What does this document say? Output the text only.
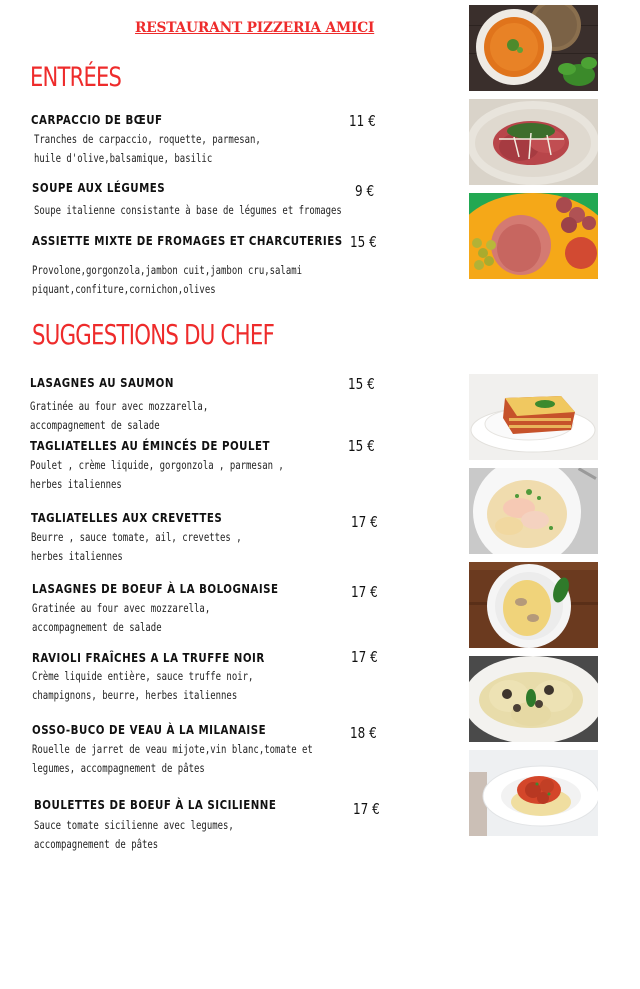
RESTAURANT PIZZERIA AMICI
ENTRÉES
CARPACCIO DE BŒUF	11 €
Tranches de carpaccio, roquette, parmesan,
huile d'olive,balsamique, basilic
SOUPE AUX LÉGUMES	9 €
Soupe italienne consistante à base de légumes et fromages
ASSIETTE MIXTE DE FROMAGES ET CHARCUTERIES 15 €
Provolone,gorgonzola,jambon cuit,jambon cru,salami
piquant,confiture,cornichon,olives
SUGGESTIONS DU CHEF
LASAGNES AU SAUMON	15 €
Gratinée au four avec mozzarella,
accompagnement de salade
TAGLIATELLES AU ÉMINCÉS DE POULET	15 €
Poulet , crème liquide, gorgonzola , parmesan ,
herbes italiennes
TAGLIATELLES AUX CREVETTES	17 €
Beurre , sauce tomate, ail, crevettes ,
herbes italiennes
LASAGNES DE BOEUF À LA BOLOGNAISE	17 €
Gratinée au four avec mozzarella,
accompagnement de salade
RAVIOLI FRAÎCHES A LA TRUFFE NOIR	17 €
Crème liquide entière, sauce truffe noir,
champignons, beurre, herbes italiennes
OSSO-BUCO DE VEAU À LA MILANAISE	18 €
Rouelle de jarret de veau mijote,vin blanc,tomate et
legumes, accompagnement de pâtes
BOULETTES DE BOEUF À LA SICILIENNE	17 €
Sauce tomate sicilienne avec legumes,
accompagnement de pâtes
